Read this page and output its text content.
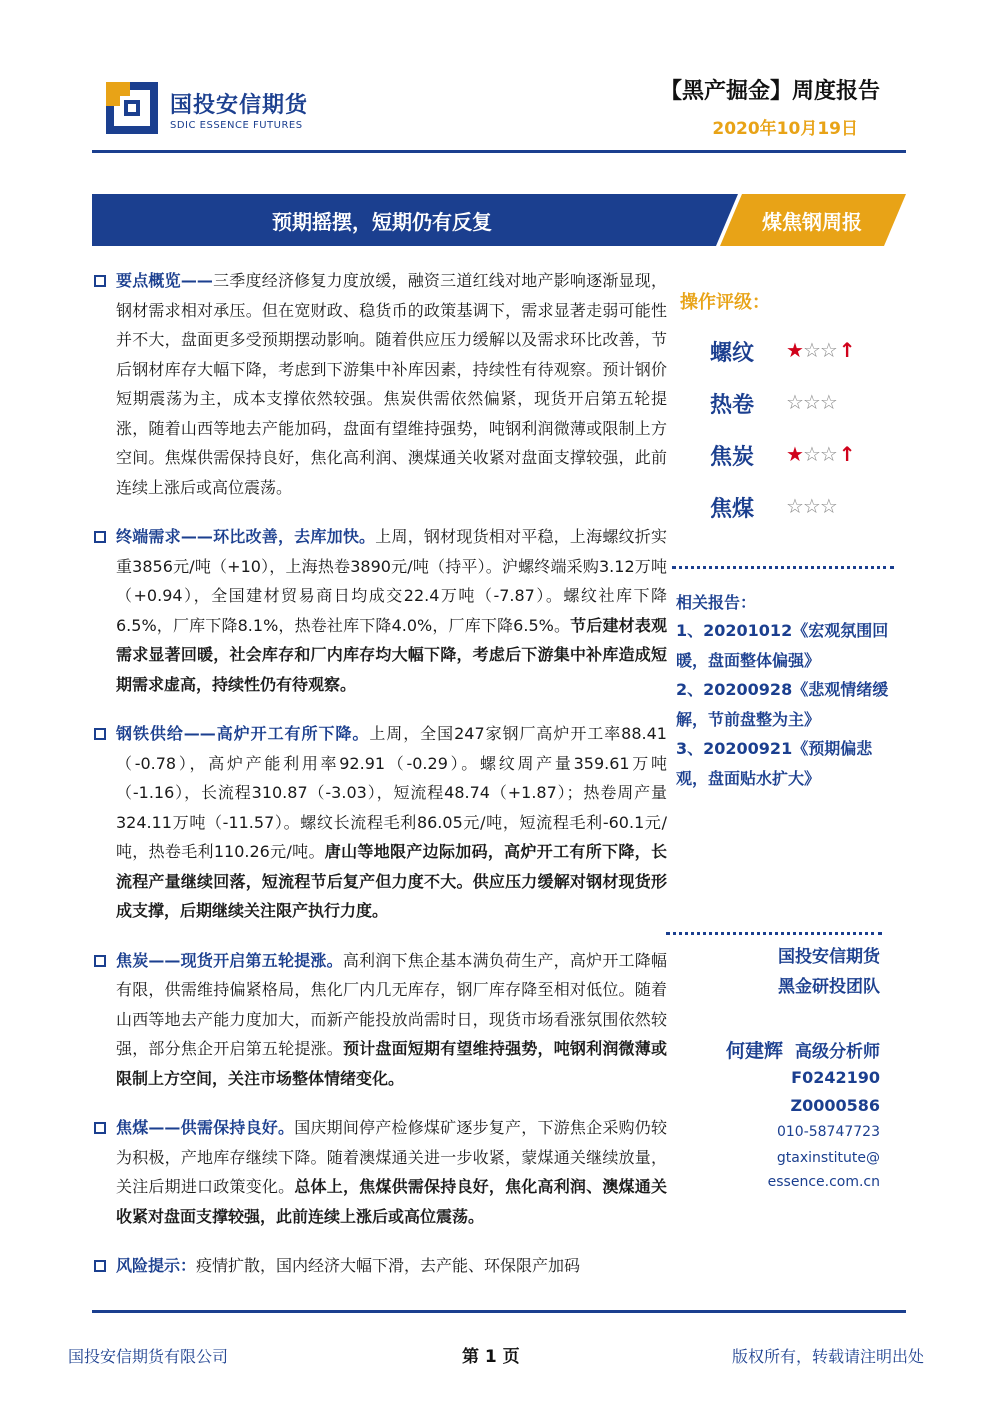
国投安信期货
SDIC ESSENCE FUTURES
【黑产掘金】周度报告
2020年10月19日
预期摇摆，短期仍有反复	煤焦钢周报
要点概览——三季度经济修复力度放缓，融资三道红线对地产影响逐渐显现，钢材需求相对承压。但在宽财政、稳货币的政策基调下，需求显著走弱可能性并不大，盘面更多受预期摆动影响。随着供应压力缓解以及需求环比改善，节后钢材库存大幅下降，考虑到下游集中补库因素，持续性有待观察。预计钢价短期震荡为主，成本支撑依然较强。焦炭供需依然偏紧，现货开启第五轮提涨，随着山西等地去产能加码，盘面有望维持强势，吨钢利润微薄或限制上方空间。焦煤供需保持良好，焦化高利润、澳煤通关收紧对盘面支撑较强，此前连续上涨后或高位震荡。
终端需求——环比改善，去库加快。上周，钢材现货相对平稳，上海螺纹折实重3856元/吨（+10），上海热卷3890元/吨（持平）。沪螺终端采购3.12万吨（+0.94），全国建材贸易商日均成交22.4万吨（-7.87）。螺纹社库下降6.5%，厂库下降8.1%，热卷社库下降4.0%，厂库下降6.5%。节后建材表观需求显著回暖，社会库存和厂内库存均大幅下降，考虑后下游集中补库造成短期需求虚高，持续性仍有待观察。
钢铁供给——高炉开工有所下降。上周，全国247家钢厂高炉开工率88.41（-0.78），高炉产能利用率92.91（-0.29）。螺纹周产量359.61万吨（-1.16），长流程310.87（-3.03），短流程48.74（+1.87）；热卷周产量324.11万吨（-11.57）。螺纹长流程毛利86.05元/吨，短流程毛利-60.1元/吨，热卷毛利110.26元/吨。唐山等地限产边际加码，高炉开工有所下降，长流程产量继续回落，短流程节后复产但力度不大。供应压力缓解对钢材现货形成支撑，后期继续关注限产执行力度。
焦炭——现货开启第五轮提涨。高利润下焦企基本满负荷生产，高炉开工降幅有限，供需维持偏紧格局，焦化厂内几无库存，钢厂库存降至相对低位。随着山西等地去产能力度加大，而新产能投放尚需时日，现货市场看涨氛围依然较强，部分焦企开启第五轮提涨。预计盘面短期有望维持强势，吨钢利润微薄或限制上方空间，关注市场整体情绪变化。
焦煤——供需保持良好。国庆期间停产检修煤矿逐步复产，下游焦企采购仍较为积极，产地库存继续下降。随着澳煤通关进一步收紧，蒙煤通关继续放量，关注后期进口政策变化。总体上，焦煤供需保持良好，焦化高利润、澳煤通关收紧对盘面支撑较强，此前连续上涨后或高位震荡。
风险提示：疫情扩散，国内经济大幅下滑，去产能、环保限产加码
操作评级：
螺纹 ★☆☆ ↑
热卷 ☆☆☆
焦炭 ★☆☆ ↑
焦煤 ☆☆☆
相关报告：
1、20201012《宏观氛围回暖，盘面整体偏强》
2、20200928《悲观情绪缓解，节前盘整为主》
3、20200921《预期偏悲观，盘面贴水扩大》
国投安信期货
黑金研投团队
何建辉 高级分析师
F0242190
Z0000586
010-58747723
gtaxinstitute@
essence.com.cn
国投安信期货有限公司	第 1 页	版权所有，转载请注明出处
